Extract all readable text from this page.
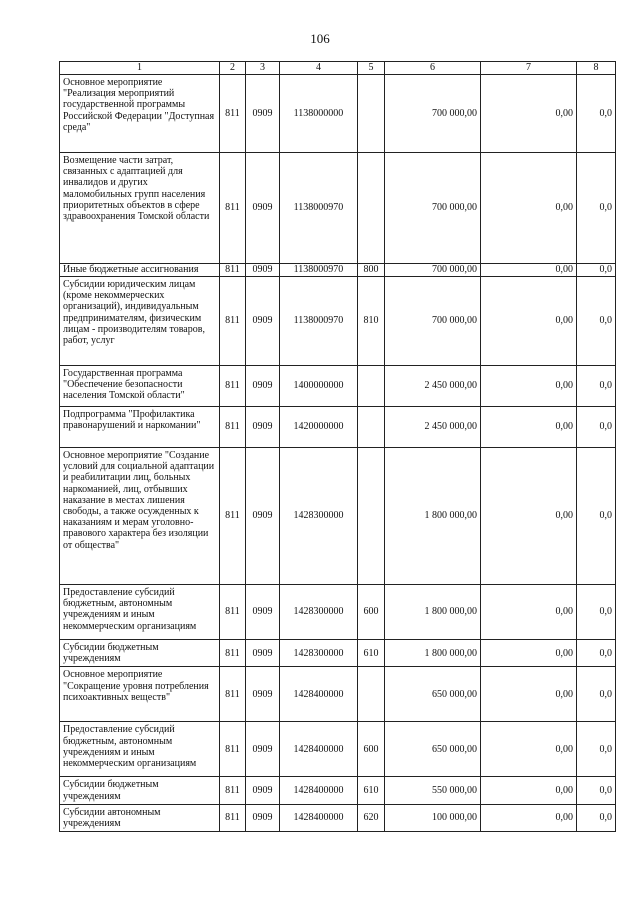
106
1	2	3	4	5	6	7	8
Основное мероприятие "Реализация мероприятий государственной программы Российской Федерации "Доступная среда"	811	0909	1138000000		700 000,00	0,00	0,0
Возмещение части затрат, связанных с адаптацией для инвалидов и других маломобильных групп населения приоритетных объектов в сфере здравоохранения Томской области	811	0909	1138000970		700 000,00	0,00	0,0
Иные бюджетные ассигнования	811	0909	1138000970	800	700 000,00	0,00	0,0
Субсидии юридическим лицам (кроме некоммерческих организаций), индивидуальным предпринимателям, физическим лицам - производителям товаров, работ, услуг	811	0909	1138000970	810	700 000,00	0,00	0,0
Государственная программа "Обеспечение безопасности населения Томской области"	811	0909	1400000000		2 450 000,00	0,00	0,0
Подпрограмма "Профилактика правонарушений и наркомании"	811	0909	1420000000		2 450 000,00	0,00	0,0
Основное мероприятие "Создание условий для социальной адаптации и реабилитации лиц, больных наркоманией, лиц, отбывших наказание в местах лишения свободы, а также осужденных к наказаниям и мерам уголовно-правового характера без изоляции от общества"	811	0909	1428300000		1 800 000,00	0,00	0,0
Предоставление субсидий бюджетным, автономным учреждениям и иным некоммерческим организациям	811	0909	1428300000	600	1 800 000,00	0,00	0,0
Субсидии бюджетным учреждениям	811	0909	1428300000	610	1 800 000,00	0,00	0,0
Основное мероприятие "Сокращение уровня потребления психоактивных веществ"	811	0909	1428400000		650 000,00	0,00	0,0
Предоставление субсидий бюджетным, автономным учреждениям и иным некоммерческим организациям	811	0909	1428400000	600	650 000,00	0,00	0,0
Субсидии бюджетным учреждениям	811	0909	1428400000	610	550 000,00	0,00	0,0
Субсидии автономным учреждениям	811	0909	1428400000	620	100 000,00	0,00	0,0
